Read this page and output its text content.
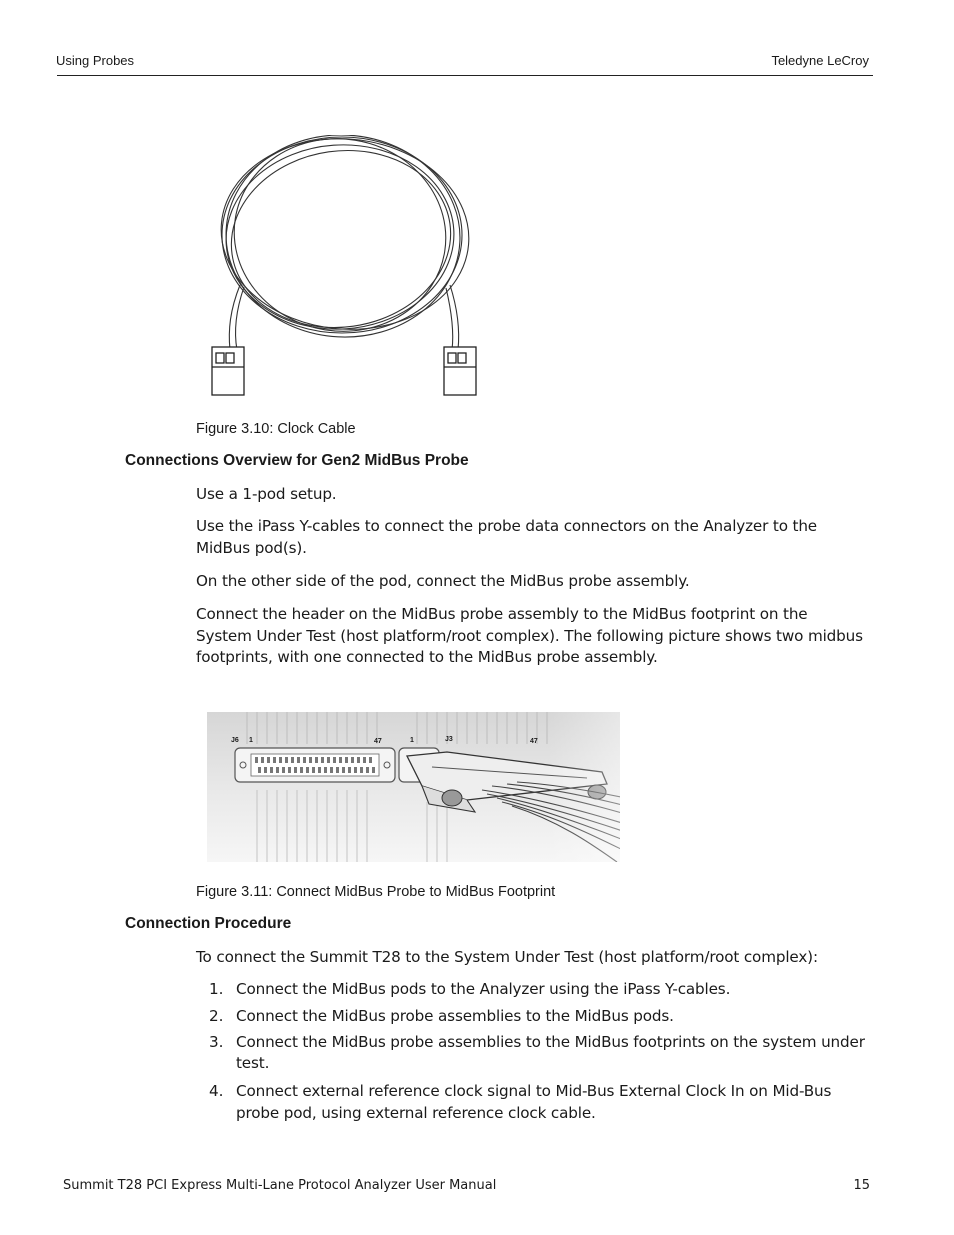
Using Probes	Teledyne LeCroy
Figure 3.10: Clock Cable
Connections Overview for Gen2 MidBus Probe
Use a 1-pod setup.
Use the iPass Y-cables to connect the probe data connectors on the Analyzer to the
MidBus pod(s).
On the other side of the pod, connect the MidBus probe assembly.
Connect the header on the MidBus probe assembly to the MidBus footprint on the
System Under Test (host platform/root complex). The following picture shows two midbus
footprints, with one connected to the MidBus probe assembly.
J6 1	47	J3
1	47
Figure 3.11: Connect MidBus Probe to MidBus Footprint
Connection Procedure
To connect the Summit T28 to the System Under Test (host platform/root complex):
1. Connect the MidBus pods to the Analyzer using the iPass Y-cables.
2. Connect the MidBus probe assemblies to the MidBus pods.
3. Connect the MidBus probe assemblies to the MidBus footprints on the system under
test.
4. Connect external reference clock signal to Mid-Bus External Clock In on Mid-Bus
probe pod, using external reference clock cable.
Summit T28 PCI Express Multi-Lane Protocol Analyzer User Manual	15
